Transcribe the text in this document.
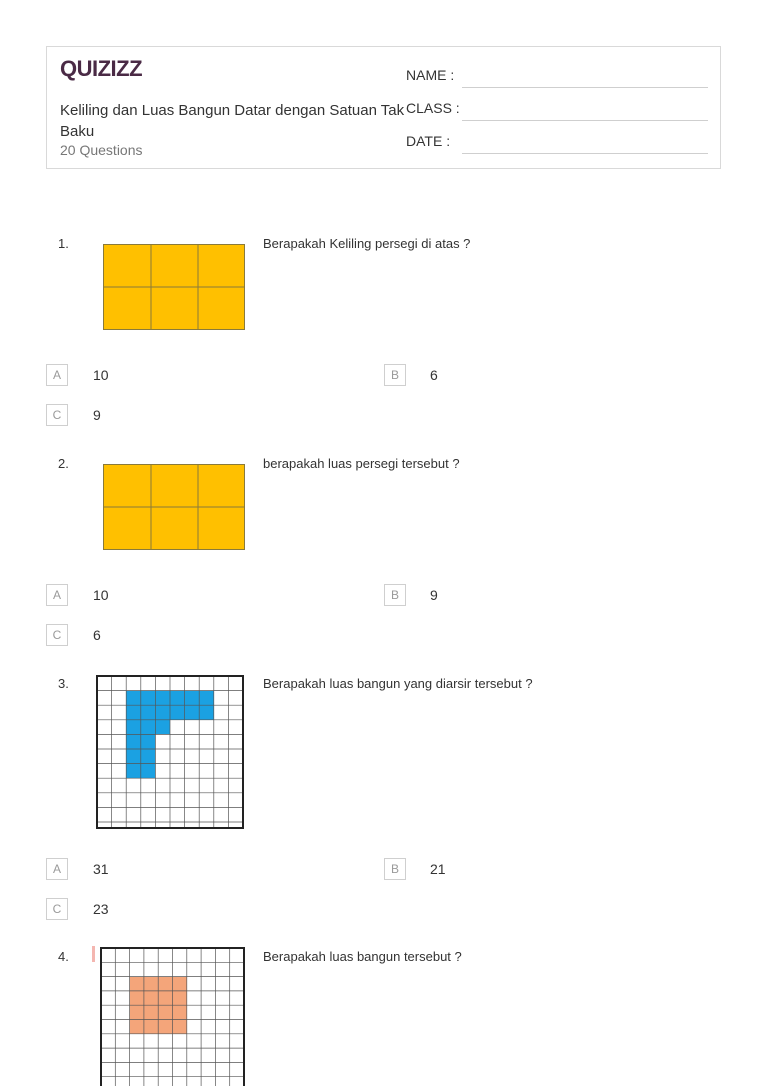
QUIZIZZ
Keliling dan Luas Bangun Datar dengan Satuan Tak Baku
20 Questions
NAME :
CLASS :
DATE :
1.	Berapakah Keliling persegi di atas ?
A	10	B	6
C	9
2.	berapakah luas persegi tersebut ?
A	10	B	9
C	6
3.	Berapakah luas bangun yang diarsir tersebut ?
A	31	B	21
C	23
4.	Berapakah luas bangun tersebut ?
